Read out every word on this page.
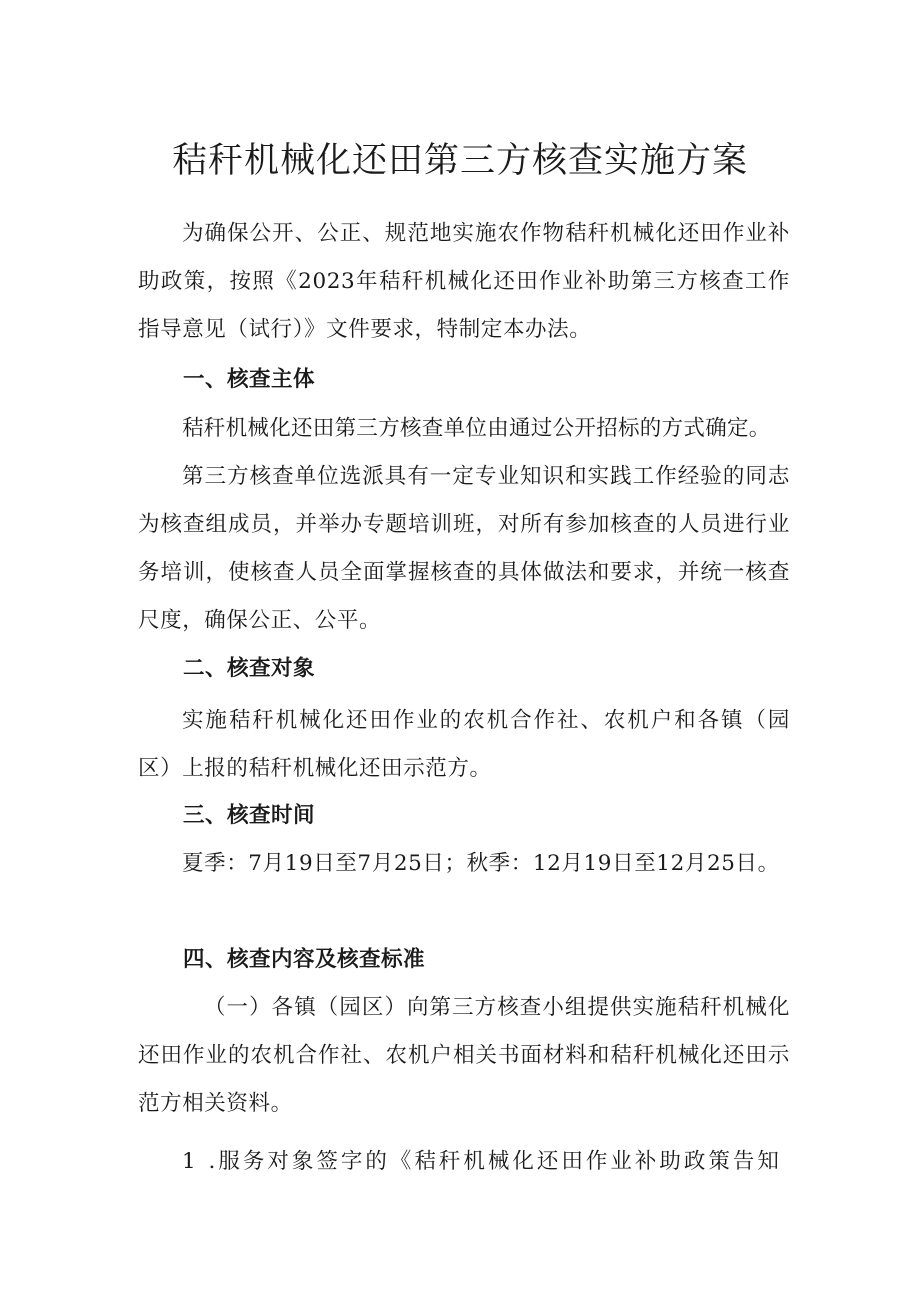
秸秆机械化还田第三方核查实施方案

为确保公开、公正、规范地实施农作物秸秆机械化还田作业补助政策，按照《2023年秸秆机械化还田作业补助第三方核查工作指导意见（试行）》文件要求，特制定本办法。

一、核查主体

秸秆机械化还田第三方核查单位由通过公开招标的方式确定。

第三方核查单位选派具有一定专业知识和实践工作经验的同志为核查组成员，并举办专题培训班，对所有参加核查的人员进行业务培训，使核查人员全面掌握核查的具体做法和要求，并统一核查尺度，确保公正、公平。

二、核查对象

实施秸秆机械化还田作业的农机合作社、农机户和各镇（园区）上报的秸秆机械化还田示范方。

三、核查时间

夏季：7月19日至7月25日；秋季：12月19日至12月25日。

四、核查内容及核查标准

（一）各镇（园区）向第三方核查小组提供实施秸秆机械化还田作业的农机合作社、农机户相关书面材料和秸秆机械化还田示范方相关资料。

1 .服务对象签字的《秸秆机械化还田作业补助政策告知
